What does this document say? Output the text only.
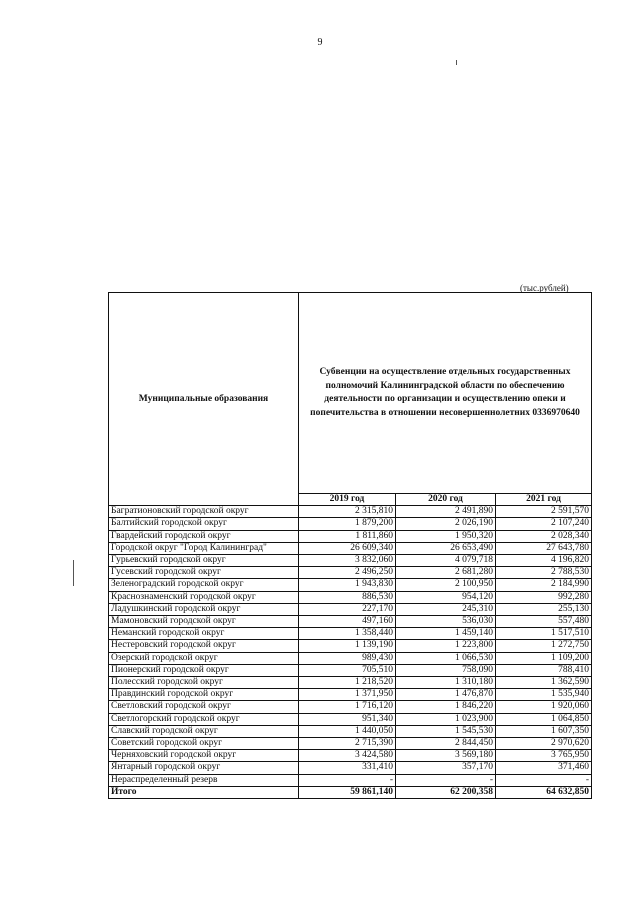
9
(тыс.рублей)
Муниципальные образования	Субвенции на осуществление отдельных государственных полномочий Калининградской области по обеспечению деятельности по организации и осуществлению опеки и попечительства в отношении несовершеннолетних 0336970640		
	2019 год	2020 год	2021 год
Багратионовский городской округ	2 315,810	2 491,890	2 591,570
Балтийский городской округ	1 879,200	2 026,190	2 107,240
Гвардейский городской округ	1 811,860	1 950,320	2 028,340
Городской округ "Город Калининград"	26 609,340	26 653,490	27 643,780
Гурьевский городской округ	3 832,060	4 079,718	4 196,820
Гусевский городской округ	2 496,250	2 681,280	2 788,530
Зеленоградский городской округ	1 943,830	2 100,950	2 184,990
Краснознаменский городской округ	886,530	954,120	992,280
Ладушкинский городской округ	227,170	245,310	255,130
Мамоновский городской округ	497,160	536,030	557,480
Неманский городской округ	1 358,440	1 459,140	1 517,510
Нестеровский городской округ	1 139,190	1 223,800	1 272,750
Озерский городской округ	989,430	1 066,530	1 109,200
Пионерский городской округ	705,510	758,090	788,410
Полесский городской округ	1 218,520	1 310,180	1 362,590
Правдинский городской округ	1 371,950	1 476,870	1 535,940
Светловский городской округ	1 716,120	1 846,220	1 920,060
Светлогорский городской округ	951,340	1 023,900	1 064,850
Славский городской округ	1 440,050	1 545,530	1 607,350
Советский городской округ	2 715,390	2 844,450	2 970,620
Черняховский городской округ	3 424,580	3 569,180	3 765,950
Янтарный городской округ	331,410	357,170	371,460
Нераспределенный резерв	-	-	-
Итого	59 861,140	62 200,358	64 632,850
